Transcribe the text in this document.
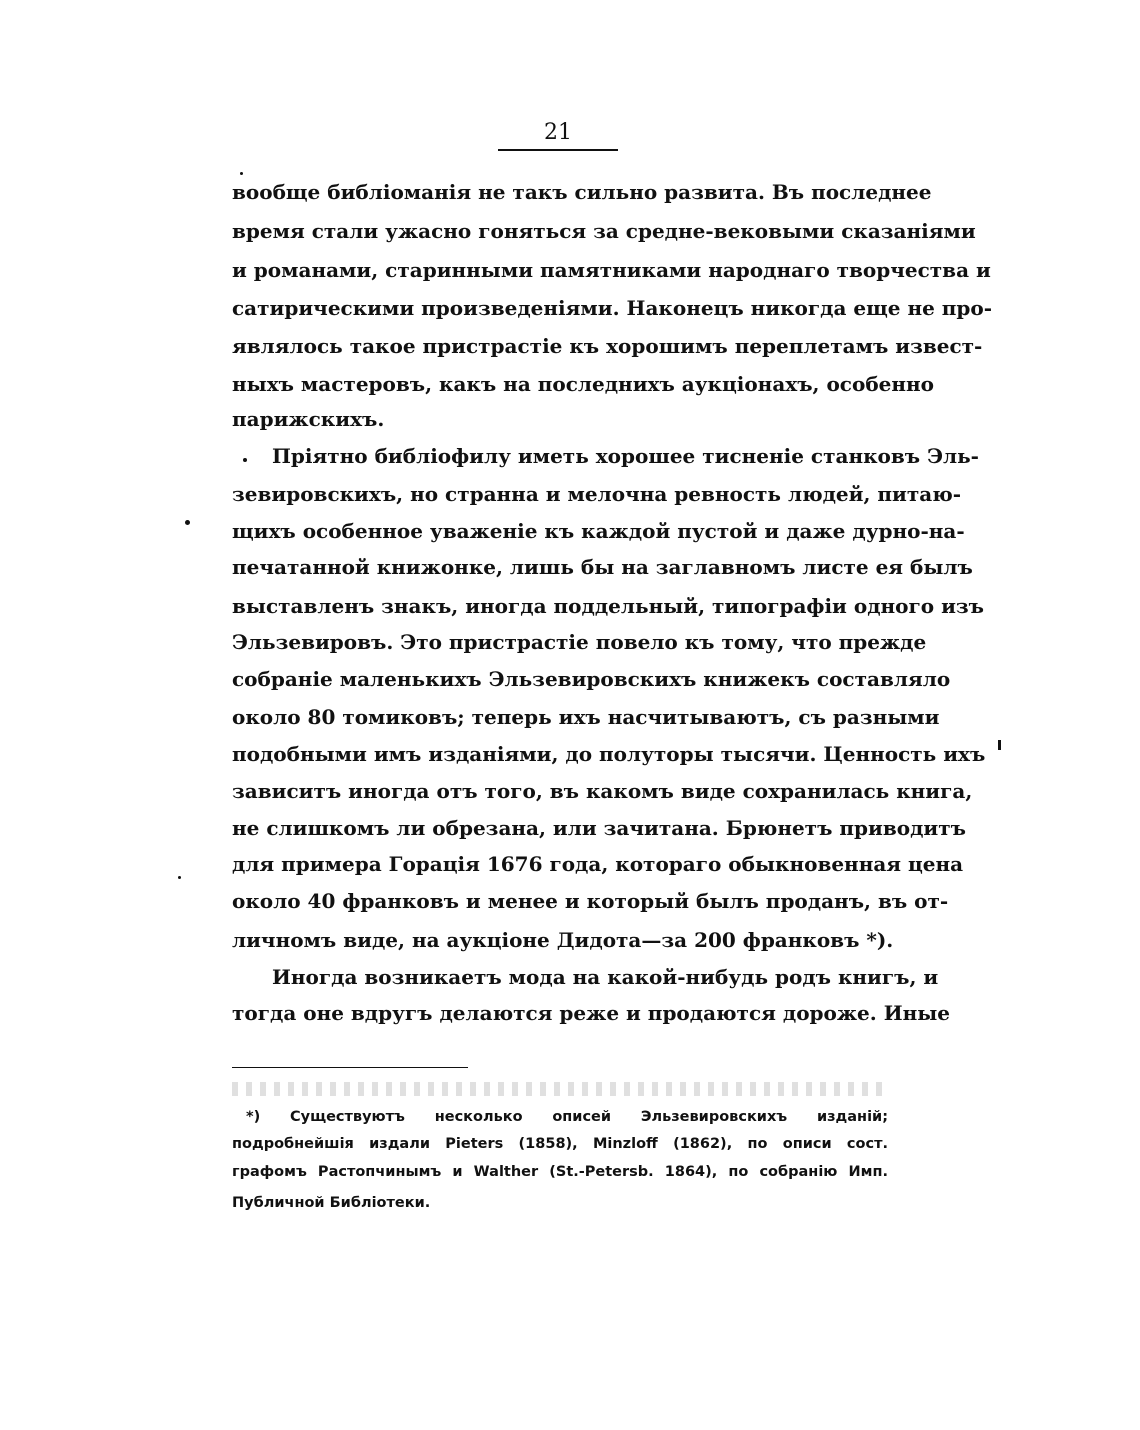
21
вообще библіоманія не такъ сильно развита. Въ последнее
время стали ужасно гоняться за средне-вековыми сказаніями
и романами, старинными памятниками народнаго творчества и
сатирическими произведеніями. Наконецъ никогда еще не про-
являлось такое пристрастіе къ хорошимъ переплетамъ извест-
ныхъ мастеровъ, какъ на последнихъ аукціонахъ, особенно
парижскихъ.
Пріятно библіофилу иметь хорошее тисненіе станковъ Эль-
зевировскихъ, но странна и мелочна ревность людей, питаю-
щихъ особенное уваженіе къ каждой пустой и даже дурно-на-
печатанной книжонке, лишь бы на заглавномъ листе ея былъ
выставленъ знакъ, иногда поддельный, типографіи одного изъ
Эльзевировъ. Это пристрастіе повело къ тому, что прежде
собраніе маленькихъ Эльзевировскихъ книжекъ составляло
около 80 томиковъ; теперь ихъ насчитываютъ, съ разными
подобными имъ изданіями, до полуторы тысячи. Ценность ихъ
зависитъ иногда отъ того, въ какомъ виде сохранилась книга,
не слишкомъ ли обрезана, или зачитана. Брюнетъ приводитъ
для примера Горація 1676 года, котораго обыкновенная цена
около 40 франковъ и менее и который былъ проданъ, въ от-
личномъ виде, на аукціоне Дидота—за 200 франковъ *).
Иногда возникаетъ мода на какой-нибудь родъ книгъ, и
тогда оне вдругъ делаются реже и продаются дороже. Иные
*) Существуютъ несколько описей Эльзевировскихъ изданій;
подробнейшія издали Pieters (1858), Minzloff (1862), по описи сост.
графомъ Растопчинымъ и Walther (St.-Petersb. 1864), по собранію Имп.
Публичной Библіотеки.
